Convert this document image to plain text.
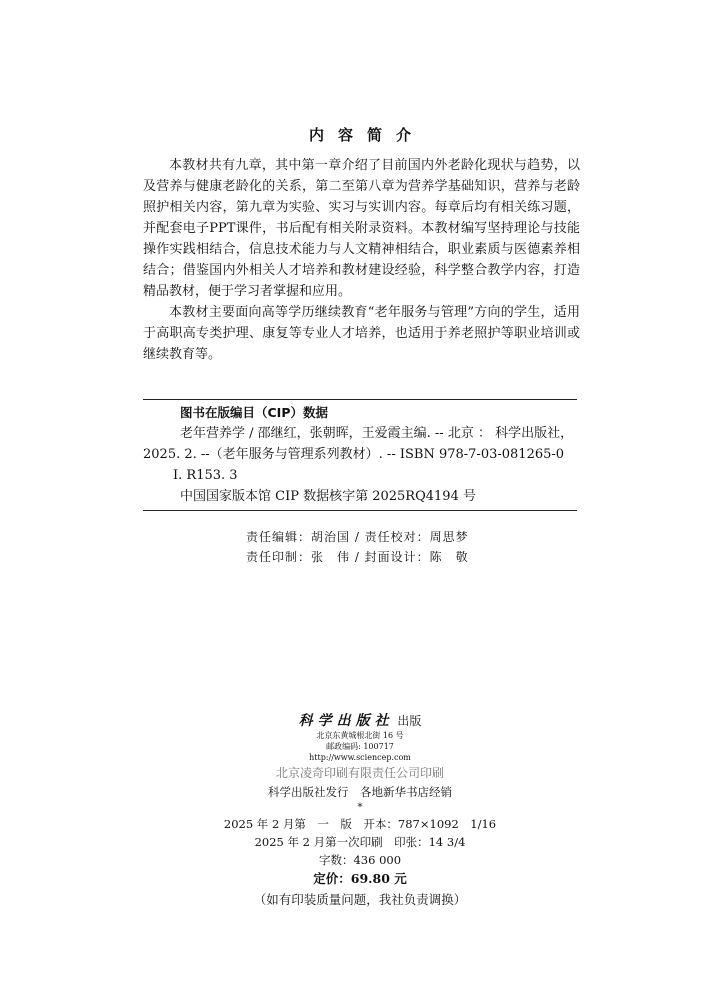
内容简介

本教材共有九章，其中第一章介绍了目前国内外老龄化现状与趋势，以及营养与健康老龄化的关系，第二至第八章为营养学基础知识，营养与老龄照护相关内容，第九章为实验、实习与实训内容。每章后均有相关练习题，并配套电子PPT课件，书后配有相关附录资料。本教材编写坚持理论与技能操作实践相结合，信息技术能力与人文精神相结合，职业素质与医德素养相结合；借鉴国内外相关人才培养和教材建设经验，科学整合教学内容，打造精品教材，便于学习者掌握和应用。

本教材主要面向高等学历继续教育“老年服务与管理”方向的学生，适用于高职高专类护理、康复等专业人才培养，也适用于养老照护等职业培训或继续教育等。

图书在版编目（CIP）数据

老年营养学 / 邵继红，张朝晖，王爱霞主编. -- 北京 ： 科学出版社， 2025. 2. --（老年服务与管理系列教材）. -- ISBN 978-7-03-081265-0

Ⅰ. R153. 3
中国国家版本馆 CIP 数据核字第 2025RQ4194 号
责任编辑：胡治国 / 责任校对：周思梦
责任印制：张　伟 / 封面设计：陈　敬
科学出版社 出版
北京东黄城根北街 16 号
邮政编码: 100717
http://www.sciencep.com
北京凌奇印刷有限责任公司印刷
科学出版社发行　各地新华书店经销
*
2025 年 2 月第　一　版　开本：787×1092　1/16
2025 年 2 月第一次印刷　印张：14 3/4
字数：436 000
定价：69.80 元
（如有印装质量问题，我社负责调换）
